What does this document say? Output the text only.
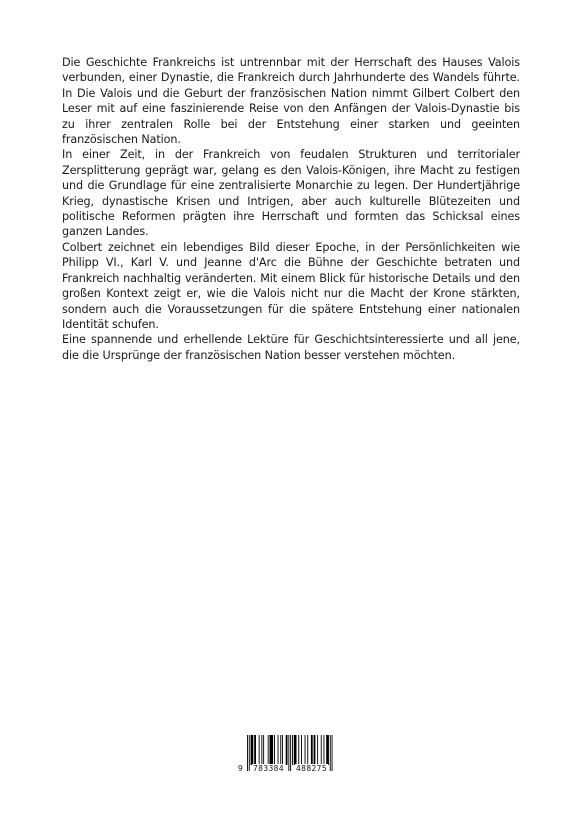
Die Geschichte Frankreichs ist untrennbar mit der Herrschaft des Hauses Valois verbunden, einer Dynastie, die Frankreich durch Jahrhunderte des Wandels führte. In Die Valois und die Geburt der französischen Nation nimmt Gilbert Colbert den Leser mit auf eine faszinierende Reise von den Anfängen der Valois-Dynastie bis zu ihrer zentralen Rolle bei der Entstehung einer starken und geeinten französischen Nation.

In einer Zeit, in der Frankreich von feudalen Strukturen und territorialer Zersplitterung geprägt war, gelang es den Valois-Königen, ihre Macht zu festigen und die Grundlage für eine zentralisierte Monarchie zu legen. Der Hundertjährige Krieg, dynastische Krisen und Intrigen, aber auch kulturelle Blütezeiten und politische Reformen prägten ihre Herrschaft und formten das Schicksal eines ganzen Landes.

Colbert zeichnet ein lebendiges Bild dieser Epoche, in der Persönlichkeiten wie Philipp VI., Karl V. und Jeanne d'Arc die Bühne der Geschichte betraten und Frankreich nachhaltig veränderten. Mit einem Blick für historische Details und den großen Kontext zeigt er, wie die Valois nicht nur die Macht der Krone stärkten, sondern auch die Voraussetzungen für die spätere Entstehung einer nationalen Identität schufen.

Eine spannende und erhellende Lektüre für Geschichtsinteressierte und all jene, die die Ursprünge der französischen Nation besser verstehen möchten.

9 783384 488275
